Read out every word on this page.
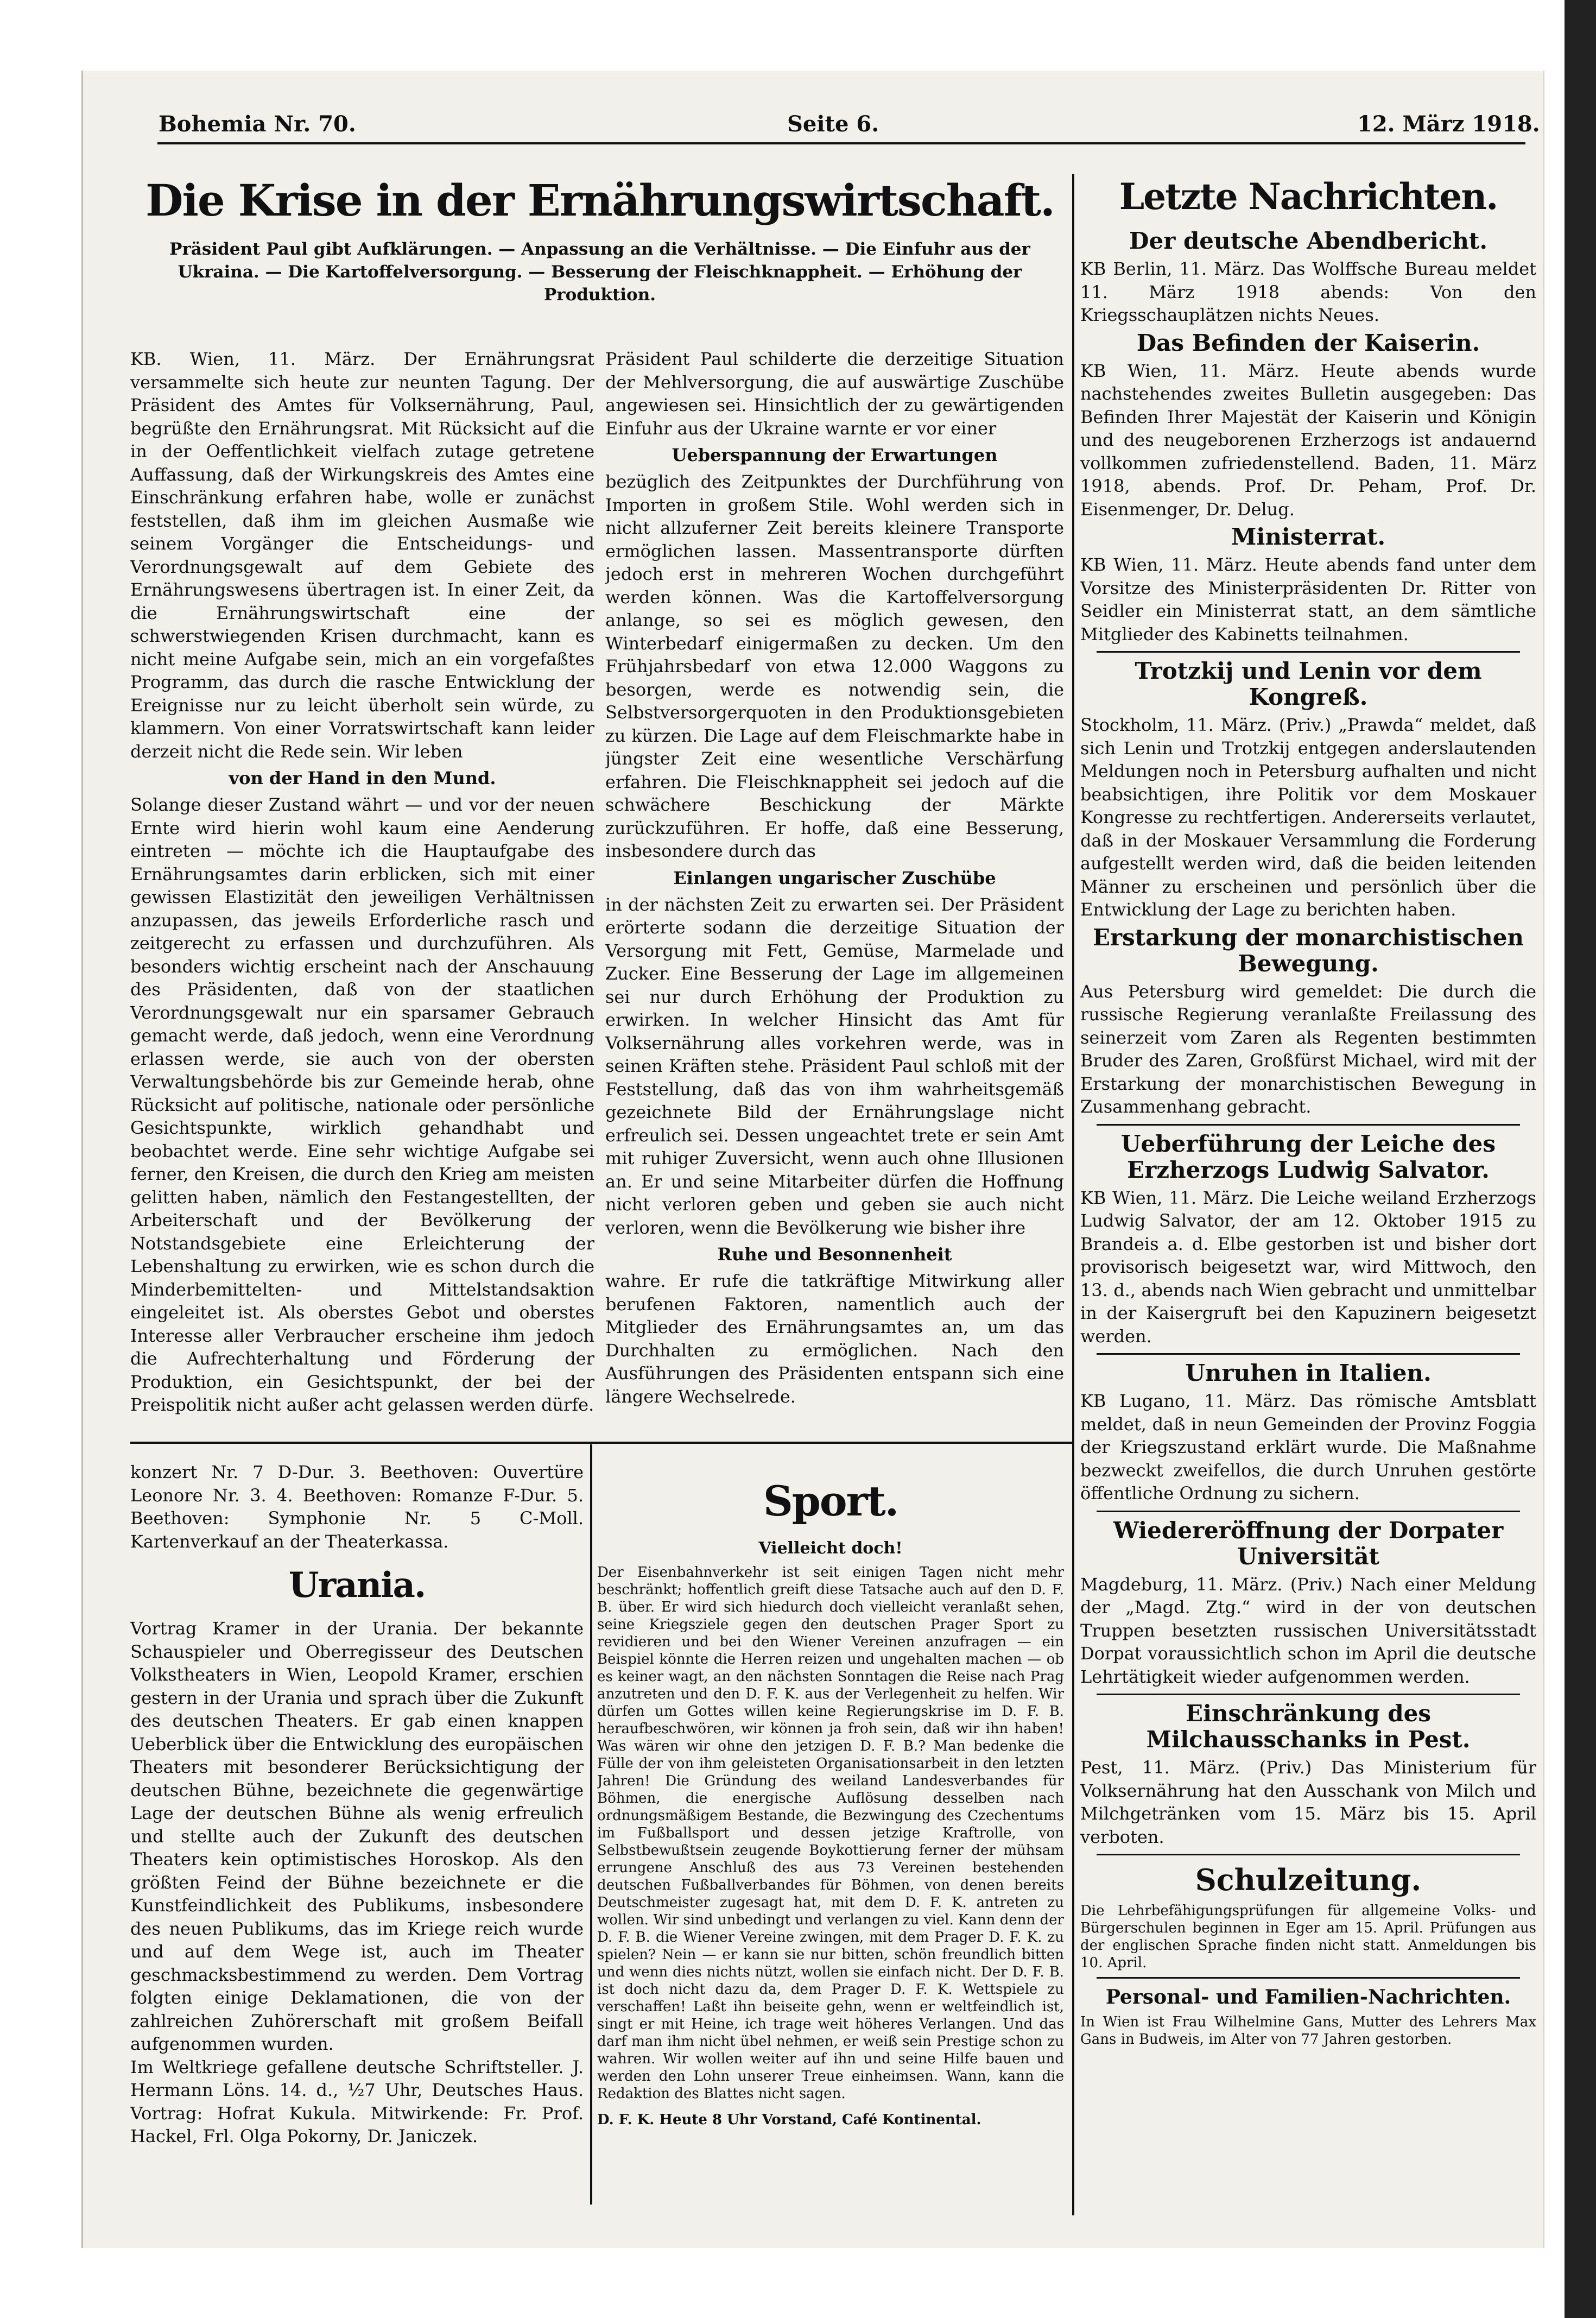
Bohemia Nr. 70.	Seite 6.	12. März 1918.
Die Krise in der Ernährungswirtschaft.

Präsident Paul gibt Aufklärungen. — Anpassung an die Verhältnisse. — Die Einfuhr aus der Ukraina. — Die Kartoffelversorgung. — Besserung der Fleischknappheit. — Erhöhung der Produktion.

KB. Wien, 11. März. Der Ernährungsrat versammelte sich heute zur neunten Tagung. Der Präsident des Amtes für Volksernährung, Paul, begrüßte den Ernährungsrat. Mit Rücksicht auf die in der Oeffentlichkeit vielfach zutage getretene Auffassung, daß der Wirkungskreis des Amtes eine Einschränkung erfahren habe, wolle er zunächst feststellen, daß ihm im gleichen Ausmaße wie seinem Vorgänger die Entscheidungs- und Verordnungsgewalt auf dem Gebiete des Ernährungswesens übertragen ist. In einer Zeit, da die Ernährungswirtschaft eine der schwerstwiegenden Krisen durchmacht, kann es nicht meine Aufgabe sein, mich an ein vorgefaßtes Programm, das durch die rasche Entwicklung der Ereignisse nur zu leicht überholt sein würde, zu klammern. Von einer Vorratswirtschaft kann leider derzeit nicht die Rede sein. Wir leben

von der Hand in den Mund.

Solange dieser Zustand währt — und vor der neuen Ernte wird hierin wohl kaum eine Aenderung eintreten — möchte ich die Hauptaufgabe des Ernährungsamtes darin erblicken, sich mit einer gewissen Elastizität den jeweiligen Verhältnissen anzupassen, das jeweils Erforderliche rasch und zeitgerecht zu erfassen und durchzuführen. Als besonders wichtig erscheint nach der Anschauung des Präsidenten, daß von der staatlichen Verordnungsgewalt nur ein sparsamer Gebrauch gemacht werde, daß jedoch, wenn eine Verordnung erlassen werde, sie auch von der obersten Verwaltungsbehörde bis zur Gemeinde herab, ohne Rücksicht auf politische, nationale oder persönliche Gesichtspunkte, wirklich gehandhabt und beobachtet werde. Eine sehr wichtige Aufgabe sei ferner, den Kreisen, die durch den Krieg am meisten gelitten haben, nämlich den Festangestellten, der Arbeiterschaft und der Bevölkerung der Notstandsgebiete eine Erleichterung der Lebenshaltung zu erwirken, wie es schon durch die Minderbemittelten- und Mittelstandsaktion eingeleitet ist. Als oberstes Gebot und oberstes Interesse aller Verbraucher erscheine ihm jedoch die Aufrechterhaltung und Förderung der Produktion, ein Gesichtspunkt, der bei der Preispolitik nicht außer acht gelassen werden dürfe.

Präsident Paul schilderte die derzeitige Situation der Mehlversorgung, die auf auswärtige Zuschübe angewiesen sei. Hinsichtlich der zu gewärtigenden Einfuhr aus der Ukraine warnte er vor einer

Ueberspannung der Erwartungen

bezüglich des Zeitpunktes der Durchführung von Importen in großem Stile. Wohl werden sich in nicht allzuferner Zeit bereits kleinere Transporte ermöglichen lassen. Massentransporte dürften jedoch erst in mehreren Wochen durchgeführt werden können. Was die Kartoffelversorgung anlange, so sei es möglich gewesen, den Winterbedarf einigermaßen zu decken. Um den Frühjahrsbedarf von etwa 12.000 Waggons zu besorgen, werde es notwendig sein, die Selbstversorgerquoten in den Produktionsgebieten zu kürzen. Die Lage auf dem Fleischmarkte habe in jüngster Zeit eine wesentliche Verschärfung erfahren. Die Fleischknappheit sei jedoch auf die schwächere Beschickung der Märkte zurückzuführen. Er hoffe, daß eine Besserung, insbesondere durch das

Einlangen ungarischer Zuschübe

in der nächsten Zeit zu erwarten sei. Der Präsident erörterte sodann die derzeitige Situation der Versorgung mit Fett, Gemüse, Marmelade und Zucker. Eine Besserung der Lage im allgemeinen sei nur durch Erhöhung der Produktion zu erwirken. In welcher Hinsicht das Amt für Volksernährung alles vorkehren werde, was in seinen Kräften stehe. Präsident Paul schloß mit der Feststellung, daß das von ihm wahrheitsgemäß gezeichnete Bild der Ernährungslage nicht erfreulich sei. Dessen ungeachtet trete er sein Amt mit ruhiger Zuversicht, wenn auch ohne Illusionen an. Er und seine Mitarbeiter dürfen die Hoffnung nicht verloren geben und geben sie auch nicht verloren, wenn die Bevölkerung wie bisher ihre

Ruhe und Besonnenheit

wahre. Er rufe die tatkräftige Mitwirkung aller berufenen Faktoren, namentlich auch der Mitglieder des Ernährungsamtes an, um das Durchhalten zu ermöglichen. Nach den Ausführungen des Präsidenten entspann sich eine längere Wechselrede.

konzert Nr. 7 D-Dur. 3. Beethoven: Ouvertüre Leonore Nr. 3. 4. Beethoven: Romanze F-Dur. 5. Beethoven: Symphonie Nr. 5 C-Moll. Kartenverkauf an der Theaterkassa.

Urania.

Vortrag Kramer in der Urania. Der bekannte Schauspieler und Oberregisseur des Deutschen Volkstheaters in Wien, Leopold Kramer, erschien gestern in der Urania und sprach über die Zukunft des deutschen Theaters. Er gab einen knappen Ueberblick über die Entwicklung des europäischen Theaters mit besonderer Berücksichtigung der deutschen Bühne, bezeichnete die gegenwärtige Lage der deutschen Bühne als wenig erfreulich und stellte auch der Zukunft des deutschen Theaters kein optimistisches Horoskop. Als den größten Feind der Bühne bezeichnete er die Kunstfeindlichkeit des Publikums, insbesondere des neuen Publikums, das im Kriege reich wurde und auf dem Wege ist, auch im Theater geschmacksbestimmend zu werden. Dem Vortrag folgten einige Deklamationen, die von der zahlreichen Zuhörerschaft mit großem Beifall aufgenommen wurden.

Im Weltkriege gefallene deutsche Schriftsteller. J. Hermann Löns. 14. d., ½7 Uhr, Deutsches Haus. Vortrag: Hofrat Kukula. Mitwirkende: Fr. Prof. Hackel, Frl. Olga Pokorny, Dr. Janiczek.

Sport.

Vielleicht doch!

Der Eisenbahnverkehr ist seit einigen Tagen nicht mehr beschränkt; hoffentlich greift diese Tatsache auch auf den D. F. B. über. Er wird sich hiedurch doch vielleicht veranlaßt sehen, seine Kriegsziele gegen den deutschen Prager Sport zu revidieren und bei den Wiener Vereinen anzufragen — ein Beispiel könnte die Herren reizen und ungehalten machen — ob es keiner wagt, an den nächsten Sonntagen die Reise nach Prag anzutreten und den D. F. K. aus der Verlegenheit zu helfen. Wir dürfen um Gottes willen keine Regierungskrise im D. F. B. heraufbeschwören, wir können ja froh sein, daß wir ihn haben! Was wären wir ohne den jetzigen D. F. B.? Man bedenke die Fülle der von ihm geleisteten Organisationsarbeit in den letzten Jahren! Die Gründung des weiland Landesverbandes für Böhmen, die energische Auflösung desselben nach ordnungsmäßigem Bestande, die Bezwingung des Czechentums im Fußballsport und dessen jetzige Kraftrolle, von Selbstbewußtsein zeugende Boykottierung ferner der mühsam errungene Anschluß des aus 73 Vereinen bestehenden deutschen Fußballverbandes für Böhmen, von denen bereits Deutschmeister zugesagt hat, mit dem D. F. K. antreten zu wollen. Wir sind unbedingt und verlangen zu viel. Kann denn der D. F. B. die Wiener Vereine zwingen, mit dem Prager D. F. K. zu spielen? Nein — er kann sie nur bitten, schön freundlich bitten und wenn dies nichts nützt, wollen sie einfach nicht. Der D. F. B. ist doch nicht dazu da, dem Prager D. F. K. Wettspiele zu verschaffen! Laßt ihn beiseite gehn, wenn er weltfeindlich ist, singt er mit Heine, ich trage weit höheres Verlangen. Und das darf man ihm nicht übel nehmen, er weiß sein Prestige schon zu wahren. Wir wollen weiter auf ihn und seine Hilfe bauen und werden den Lohn unserer Treue einheimsen. Wann, kann die Redaktion des Blattes nicht sagen.

D. F. K. Heute 8 Uhr Vorstand, Café Kontinental.

Letzte Nachrichten.

Der deutsche Abendbericht.

KB Berlin, 11. März. Das Wolffsche Bureau meldet 11. März 1918 abends: Von den Kriegsschauplätzen nichts Neues.

Das Befinden der Kaiserin.

KB Wien, 11. März. Heute abends wurde nachstehendes zweites Bulletin ausgegeben: Das Befinden Ihrer Majestät der Kaiserin und Königin und des neugeborenen Erzherzogs ist andauernd vollkommen zufriedenstellend. Baden, 11. März 1918, abends. Prof. Dr. Peham, Prof. Dr. Eisenmenger, Dr. Delug.

Ministerrat.

KB Wien, 11. März. Heute abends fand unter dem Vorsitze des Ministerpräsidenten Dr. Ritter von Seidler ein Ministerrat statt, an dem sämtliche Mitglieder des Kabinetts teilnahmen.

Trotzkij und Lenin vor dem Kongreß.

Stockholm, 11. März. (Priv.) „Prawda“ meldet, daß sich Lenin und Trotzkij entgegen anderslautenden Meldungen noch in Petersburg aufhalten und nicht beabsichtigen, ihre Politik vor dem Moskauer Kongresse zu rechtfertigen. Andererseits verlautet, daß in der Moskauer Versammlung die Forderung aufgestellt werden wird, daß die beiden leitenden Männer zu erscheinen und persönlich über die Entwicklung der Lage zu berichten haben.

Erstarkung der monarchistischen Bewegung.

Aus Petersburg wird gemeldet: Die durch die russische Regierung veranlaßte Freilassung des seinerzeit vom Zaren als Regenten bestimmten Bruder des Zaren, Großfürst Michael, wird mit der Erstarkung der monarchistischen Bewegung in Zusammenhang gebracht.

Ueberführung der Leiche des Erzherzogs Ludwig Salvator.

KB Wien, 11. März. Die Leiche weiland Erzherzogs Ludwig Salvator, der am 12. Oktober 1915 zu Brandeis a. d. Elbe gestorben ist und bisher dort provisorisch beigesetzt war, wird Mittwoch, den 13. d., abends nach Wien gebracht und unmittelbar in der Kaisergruft bei den Kapuzinern beigesetzt werden.

Unruhen in Italien.

KB Lugano, 11. März. Das römische Amtsblatt meldet, daß in neun Gemeinden der Provinz Foggia der Kriegszustand erklärt wurde. Die Maßnahme bezweckt zweifellos, die durch Unruhen gestörte öffentliche Ordnung zu sichern.

Wiedereröffnung der Dorpater Universität

Magdeburg, 11. März. (Priv.) Nach einer Meldung der „Magd. Ztg.“ wird in der von deutschen Truppen besetzten russischen Universitätsstadt Dorpat voraussichtlich schon im April die deutsche Lehrtätigkeit wieder aufgenommen werden.

Einschränkung des Milchausschanks in Pest.

Pest, 11. März. (Priv.) Das Ministerium für Volksernährung hat den Ausschank von Milch und Milchgetränken vom 15. März bis 15. April verboten.

Schulzeitung.

Die Lehrbefähigungsprüfungen für allgemeine Volks- und Bürgerschulen beginnen in Eger am 15. April. Prüfungen aus der englischen Sprache finden nicht statt. Anmeldungen bis 10. April.

Personal- und Familien-Nachrichten.

In Wien ist Frau Wilhelmine Gans, Mutter des Lehrers Max Gans in Budweis, im Alter von 77 Jahren gestorben.
